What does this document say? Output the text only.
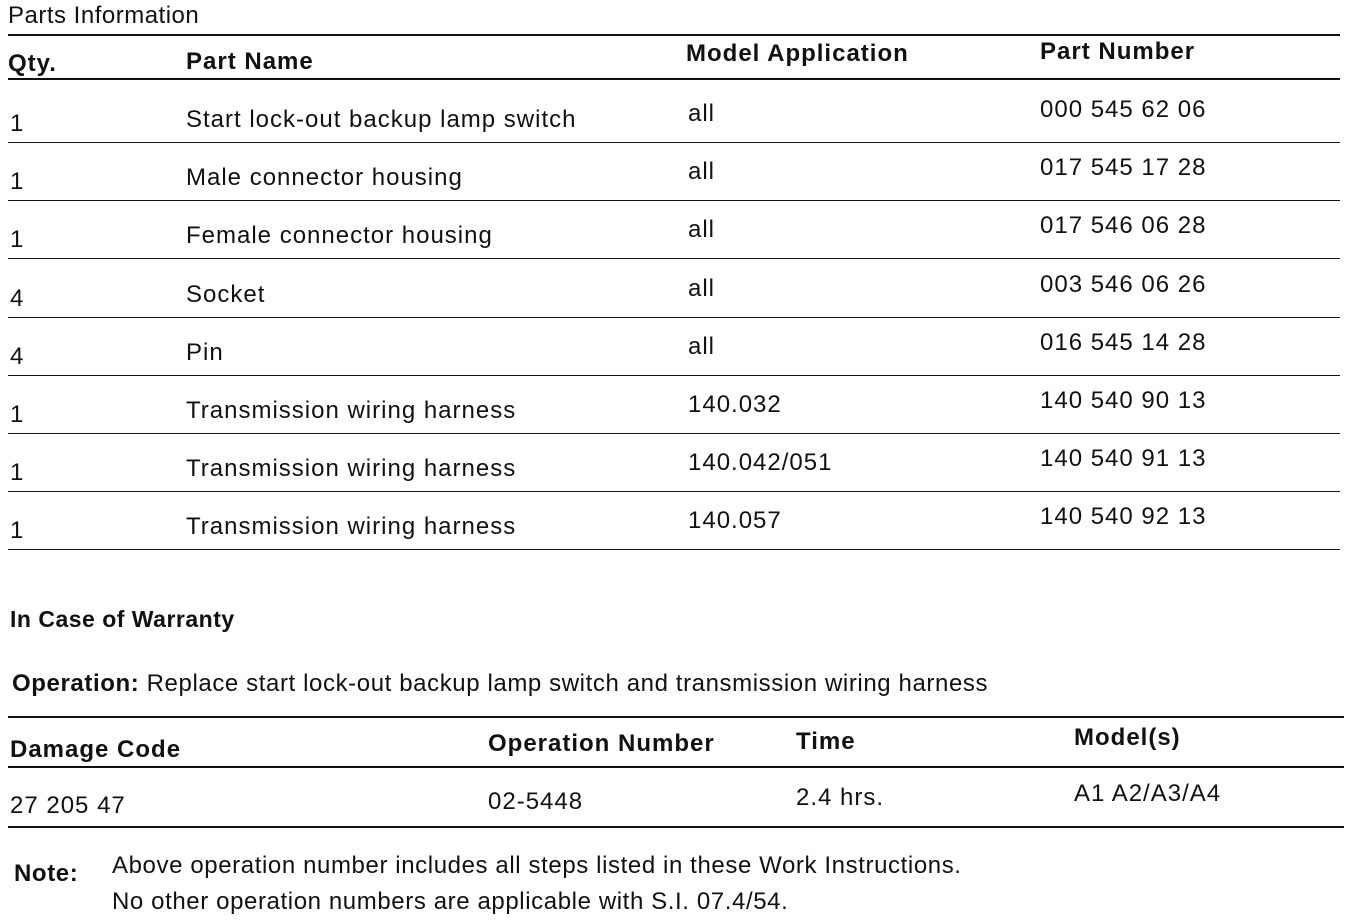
Parts Information
Qty.	Part Name	Model Application	Part Number
1	Start lock-out backup lamp switch	all	000 545 62 06
1	Male connector housing	all	017 545 17 28
1	Female connector housing	all	017 546 06 28
4	Socket	all	003 546 06 26
4	Pin	all	016 545 14 28
1	Transmission wiring harness	140.032	140 540 90 13
1	Transmission wiring harness	140.042/051	140 540 91 13
1	Transmission wiring harness	140.057	140 540 92 13
In Case of Warranty
Operation: Replace start lock-out backup lamp switch and transmission wiring harness
Damage Code	Operation Number	Time	Model(s)
27 205 47	02-5448	2.4 hrs.	A1 A2/A3/A4
Note: Above operation number includes all steps listed in these Work Instructions.
No other operation numbers are applicable with S.I. 07.4/54.
